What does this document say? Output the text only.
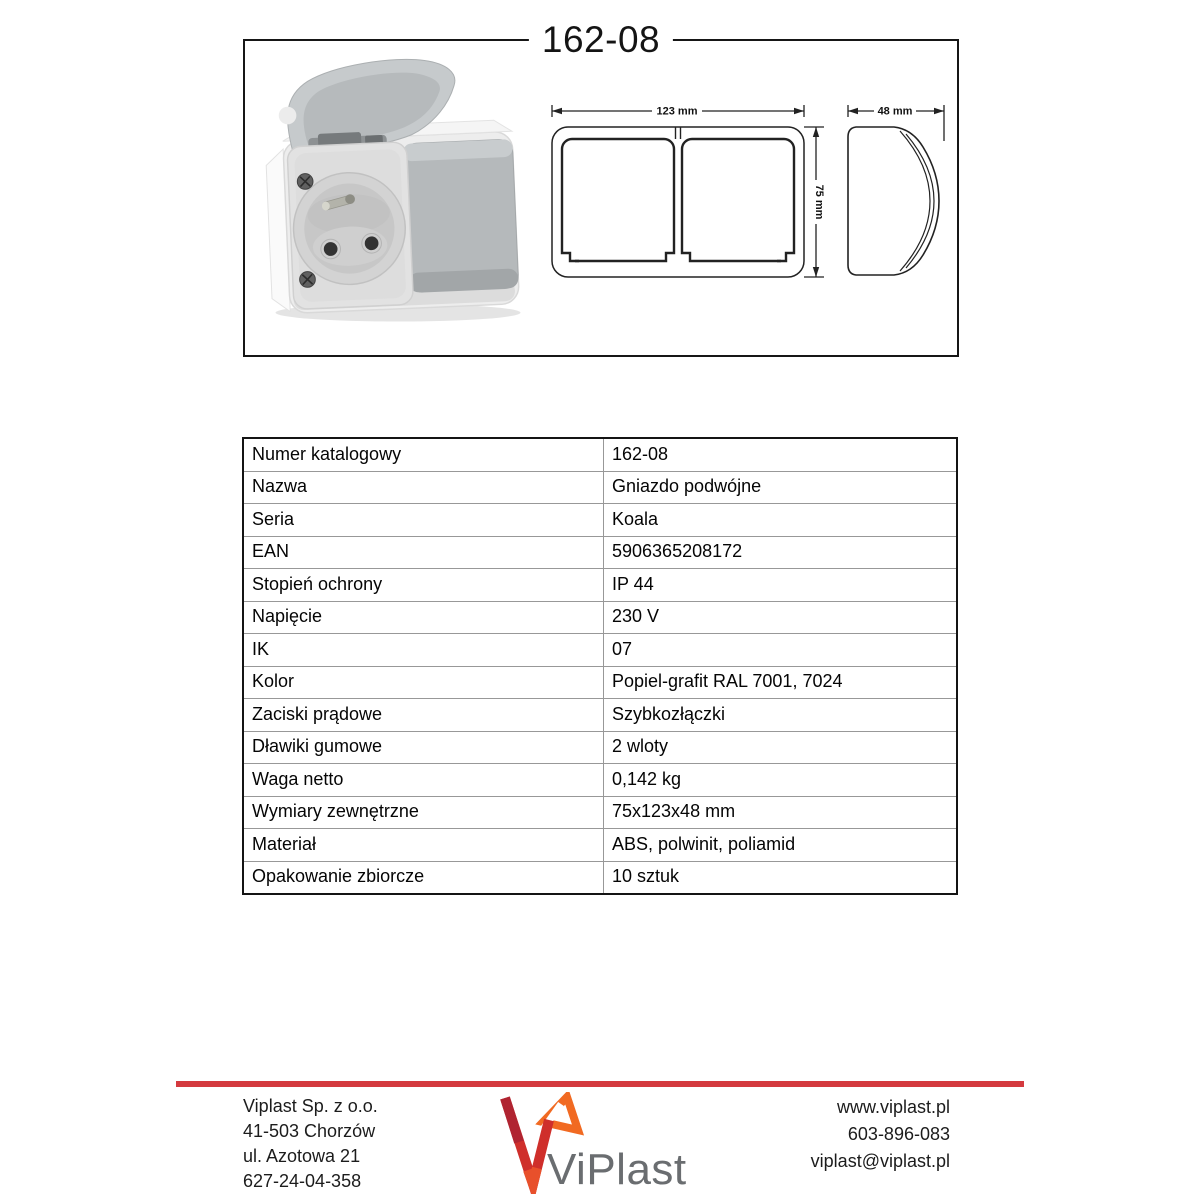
162-08
123 mm
75 mm
48 mm
Numer katalogowy	162-08
Nazwa	Gniazdo podwójne
Seria	Koala
EAN	5906365208172
Stopień ochrony	IP 44
Napięcie	230 V
IK	07
Kolor	Popiel-grafit RAL 7001, 7024
Zaciski prądowe	Szybkozłączki
Dławiki gumowe	2 wloty
Waga netto	0,142 kg
Wymiary zewnętrzne	75x123x48 mm
Materiał	ABS, polwinit, poliamid
Opakowanie zbiorcze	10 sztuk
Viplast Sp. z o.o.
41-503 Chorzów
ul. Azotowa 21
627-24-04-358	ViPlast
www.viplast.pl
603-896-083
viplast@viplast.pl
